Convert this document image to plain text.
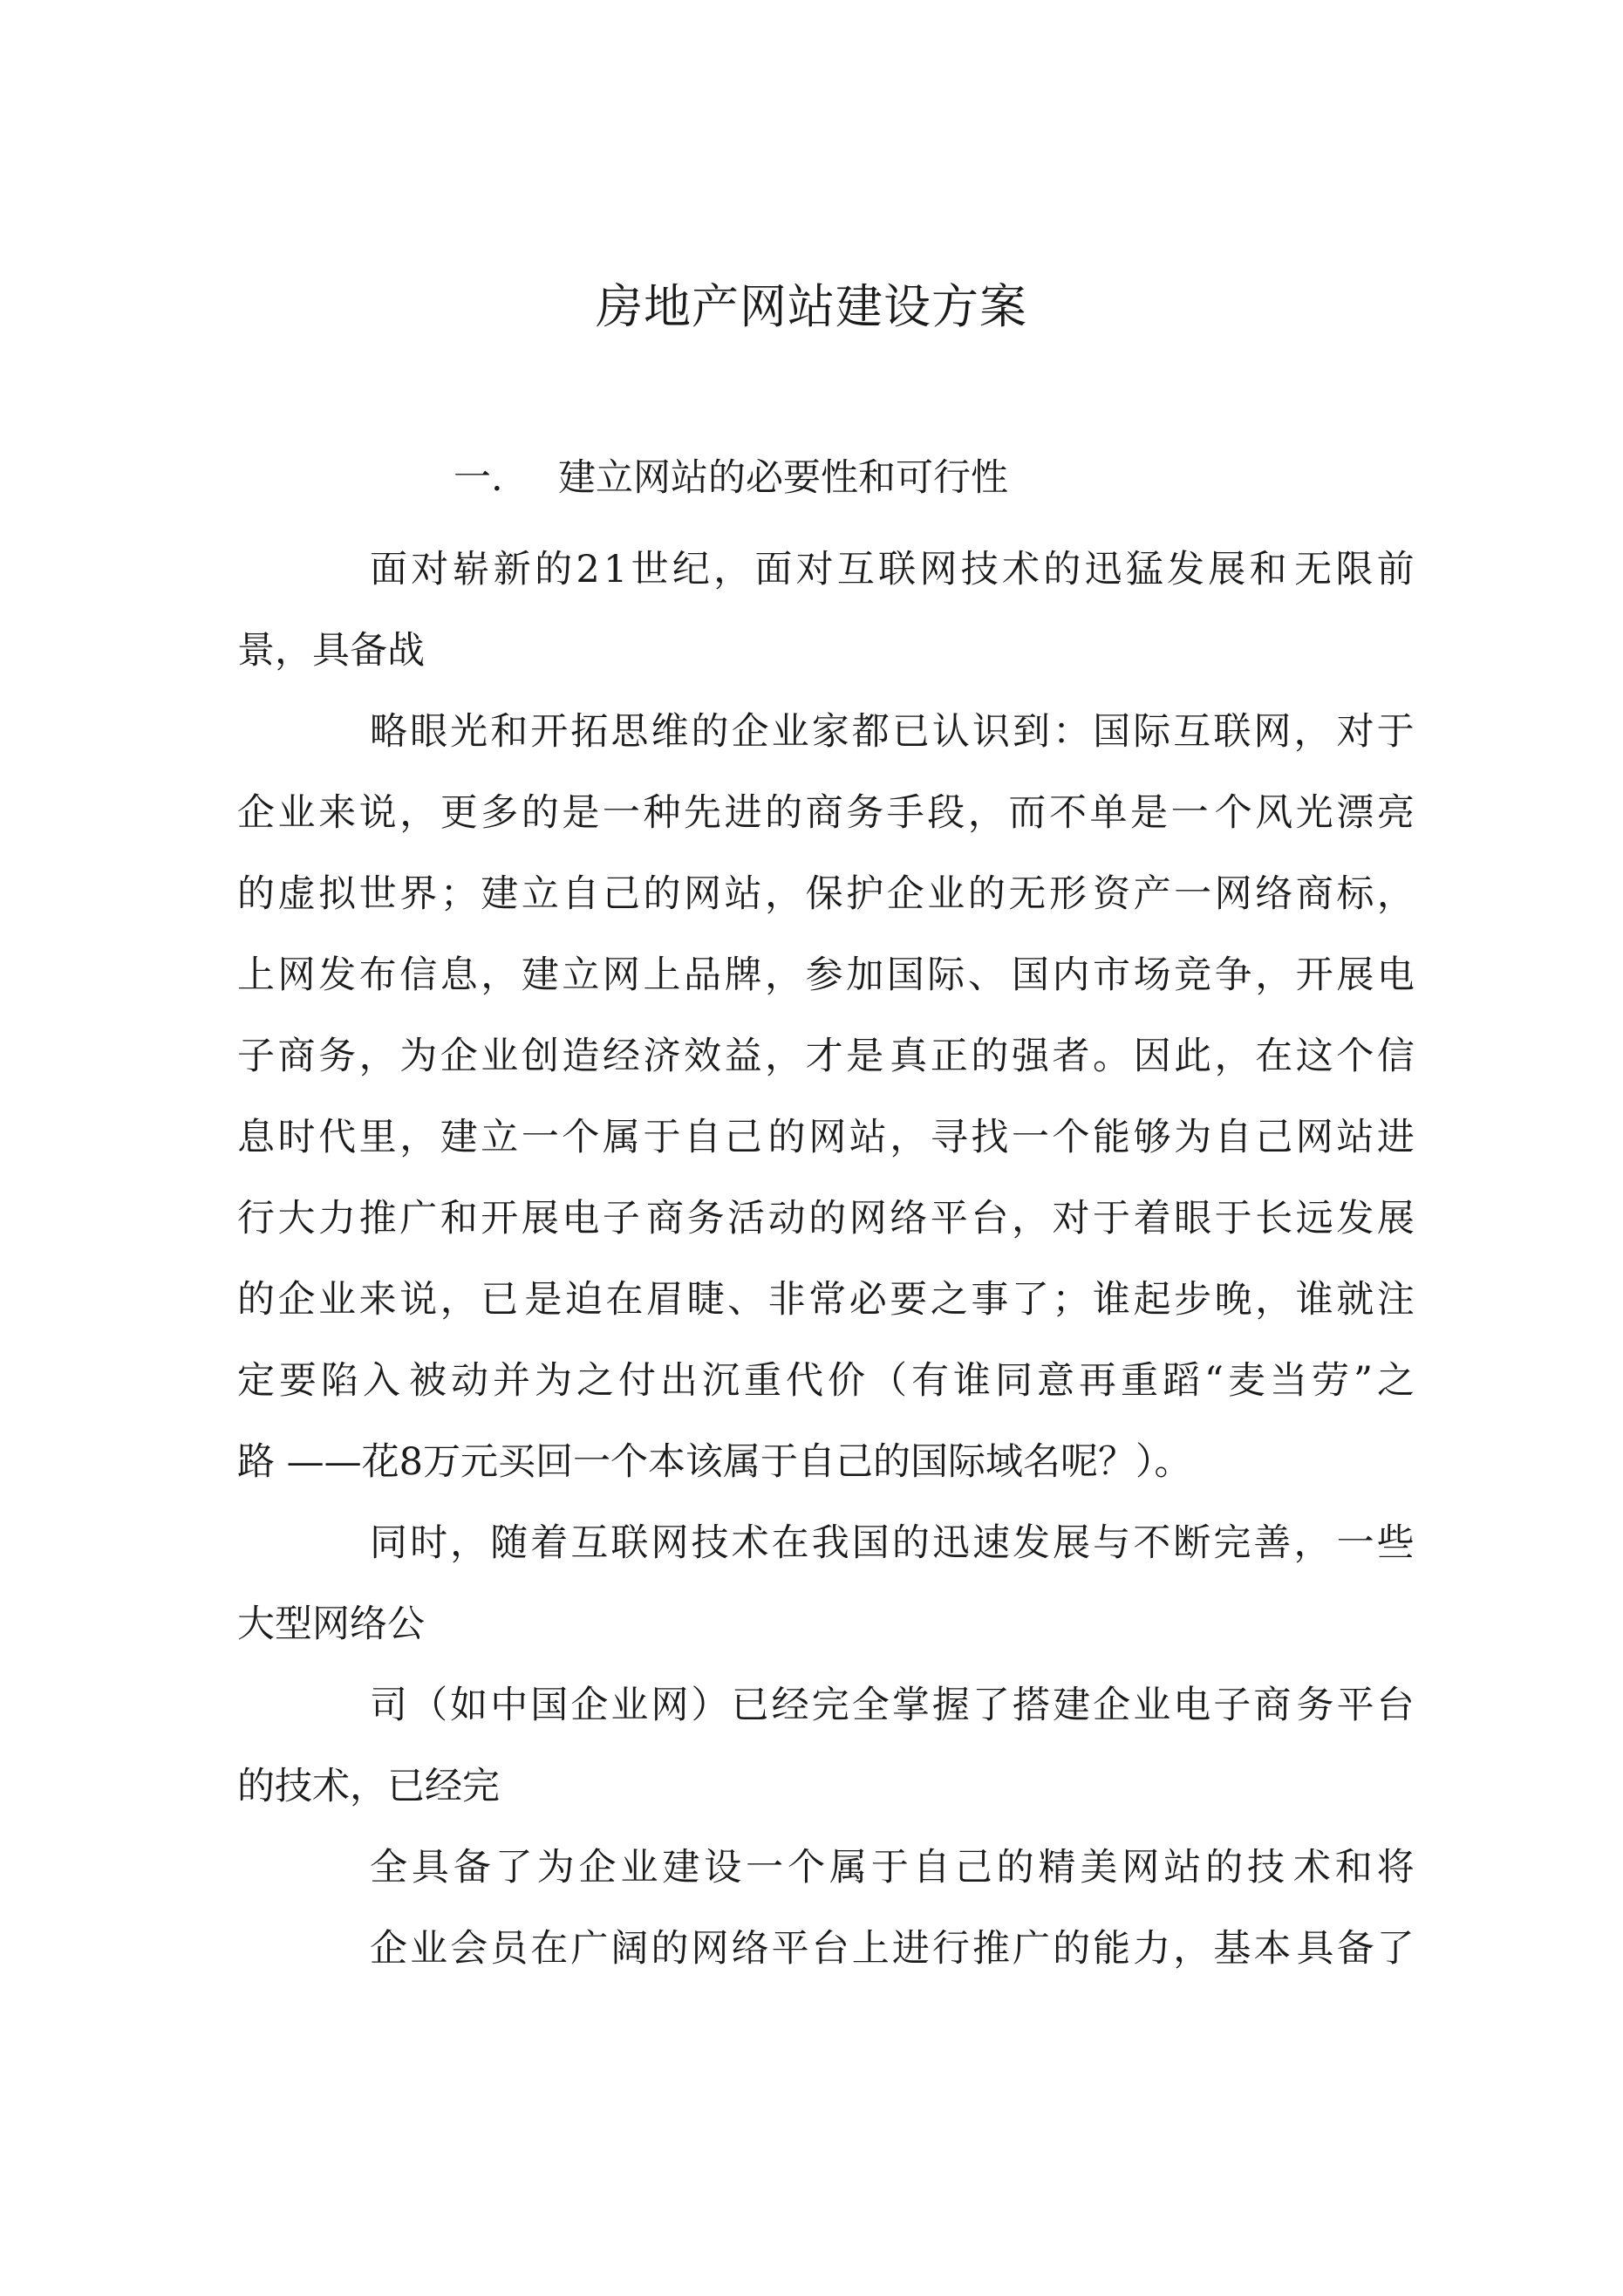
房地产网站建设方案
一. 建立网站的必要性和可行性
面 对 崭 新 的 2 1 世 纪 ， 面 对 互 联 网 技 术 的 迅 猛 发 展 和 无 限 前
景，具备战
略 眼 光 和 开 拓 思 维 的 企 业 家 都 已 认 识 到 ： 国 际 互 联 网 ， 对 于
企 业 来 说 ， 更 多 的 是 一 种 先 进 的 商 务 手 段 ， 而 不 单 是 一 个 风 光 漂 亮
的 虚 拟 世 界 ； 建 立 自 己 的 网 站 ， 保 护 企 业 的 无 形 资 产 一 网 络 商 标 ，
上 网 发 布 信 息 ， 建 立 网 上 品 牌 ， 参 加 国 际 、 国 内 市 场 竞 争 ， 开 展 电
子 商 务 ， 为 企 业 创 造 经 济 效 益 ， 才 是 真 正 的 强 者 。 因 此 ， 在 这 个 信
息 时 代 里 ， 建 立 一 个 属 于 自 己 的 网 站 ， 寻 找 一 个 能 够 为 自 己 网 站 进
行 大 力 推 广 和 开 展 电 子 商 务 活 动 的 网 络 平 台 ， 对 于 着 眼 于 长 远 发 展
的 企 业 来 说 ， 已 是 迫 在 眉 睫 、 非 常 必 要 之 事 了 ； 谁 起 步 晚 ， 谁 就 注
定 要 陷 入 被 动 并 为 之 付 出 沉 重 代 价 （ 有 谁 同 意 再 重 蹈 “ 麦 当 劳 ” 之
路 ——花8万元买回一个本该属于自己的国际域名呢？）。
同 时 ， 随 着 互 联 网 技 术 在 我 国 的 迅 速 发 展 与 不 断 完 善 ， 一 些
大型网络公
司 （ 如 中 国 企 业 网 ） 已 经 完 全 掌 握 了 搭 建 企 业 电 子 商 务 平 台
的技术，已经完
全 具 备 了 为 企 业 建 设 一 个 属 于 自 己 的 精 美 网 站 的 技 术 和 将
企 业 会 员 在 广 阔 的 网 络 平 台 上 进 行 推 广 的 能 力 ， 基 本 具 备 了
